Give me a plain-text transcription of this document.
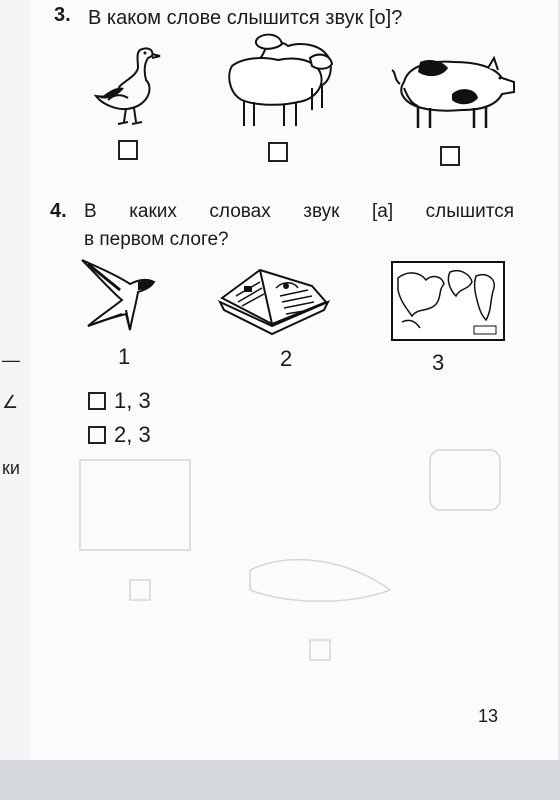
—
∠
ки
3. В каком слове слышится звук [о]?
4. В каких словах звук [а] слышится
в первом слоге?
1	2	3
1, 3
2, 3
13
